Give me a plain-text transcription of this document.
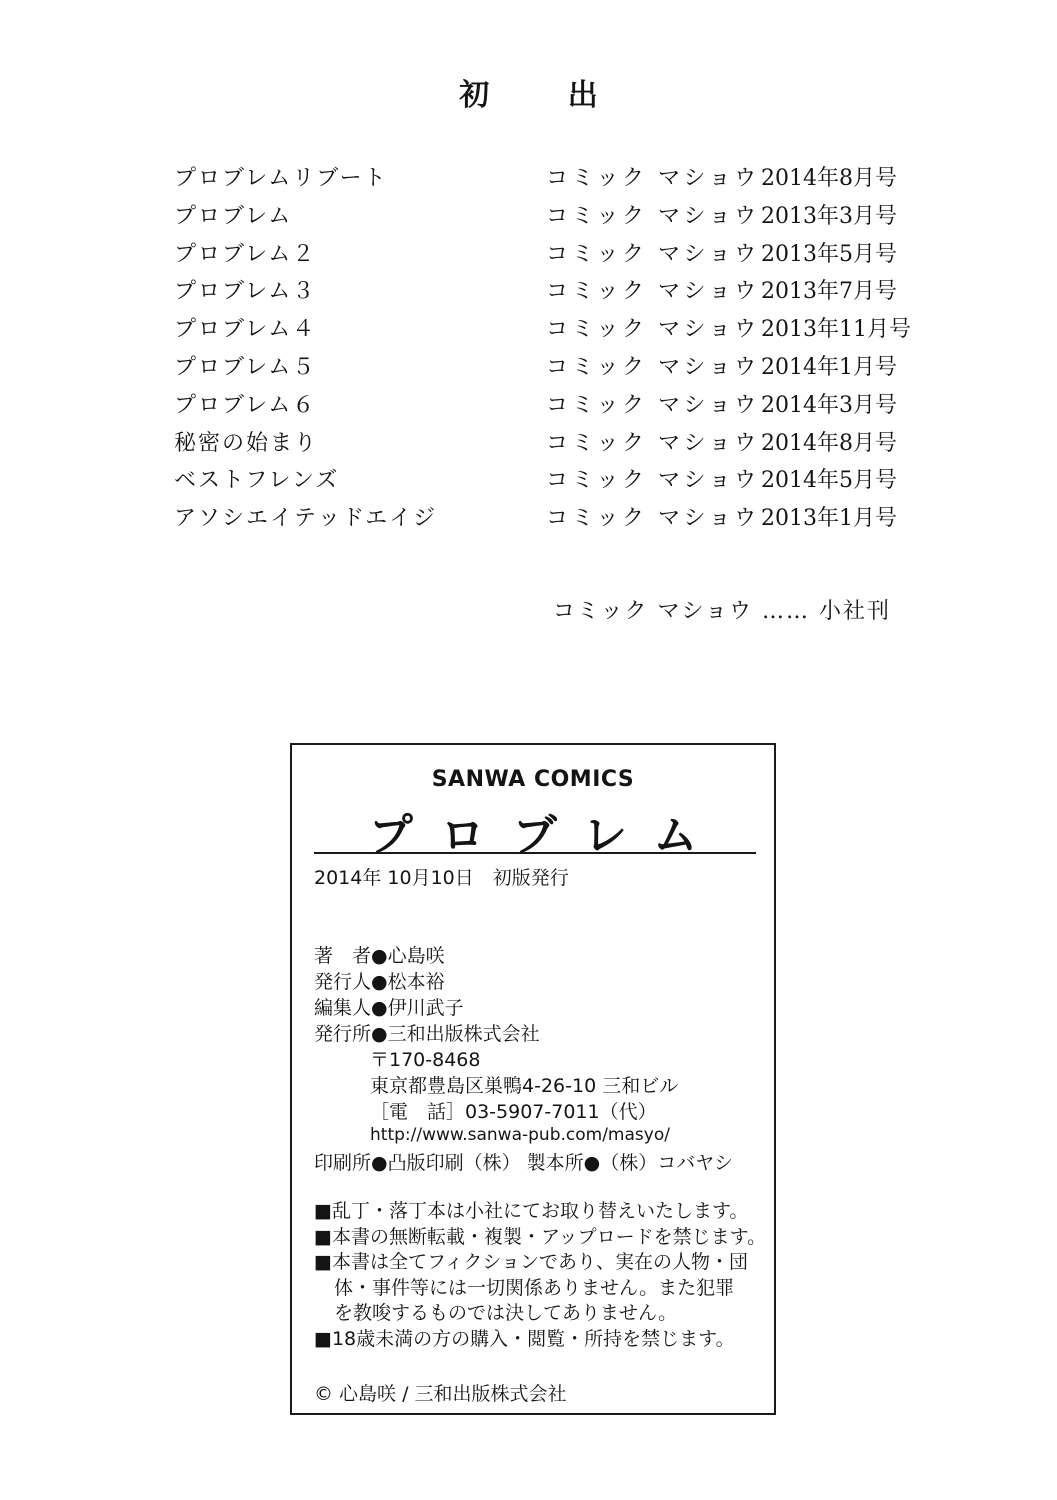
初 出
プロブレムリブート	コミック マショウ 2014年8月号
プロブレム	コミック マショウ 2013年3月号
プロブレム２	コミック マショウ 2013年5月号
プロブレム３	コミック マショウ 2013年7月号
プロブレム４	コミック マショウ 2013年11月号
プロブレム５	コミック マショウ 2014年1月号
プロブレム６	コミック マショウ 2014年3月号
秘密の始まり	コミック マショウ 2014年8月号
ベストフレンズ	コミック マショウ 2014年5月号
アソシエイテッドエイジ	コミック マショウ 2013年1月号
コミック マショウ …… 小社刊
SANWA COMICS
プロブレム
2014年 10月10日　初版発行
著　者●心島咲
発行人●松本裕
編集人●伊川武子
発行所●三和出版株式会社
〒170-8468
東京都豊島区巣鴨4-26-10 三和ビル
［電　話］03-5907-7011（代）
http://www.sanwa-pub.com/masyo/
印刷所●凸版印刷（株） 製本所●（株）コバヤシ
■乱丁・落丁本は小社にてお取り替えいたします。
■本書の無断転載・複製・アップロードを禁じます。
■本書は全てフィクションであり、実在の人物・団
体・事件等には一切関係ありません。また犯罪
を教唆するものでは決してありません。
■18歳未満の方の購入・閲覧・所持を禁じます。
© 心島咲 / 三和出版株式会社
